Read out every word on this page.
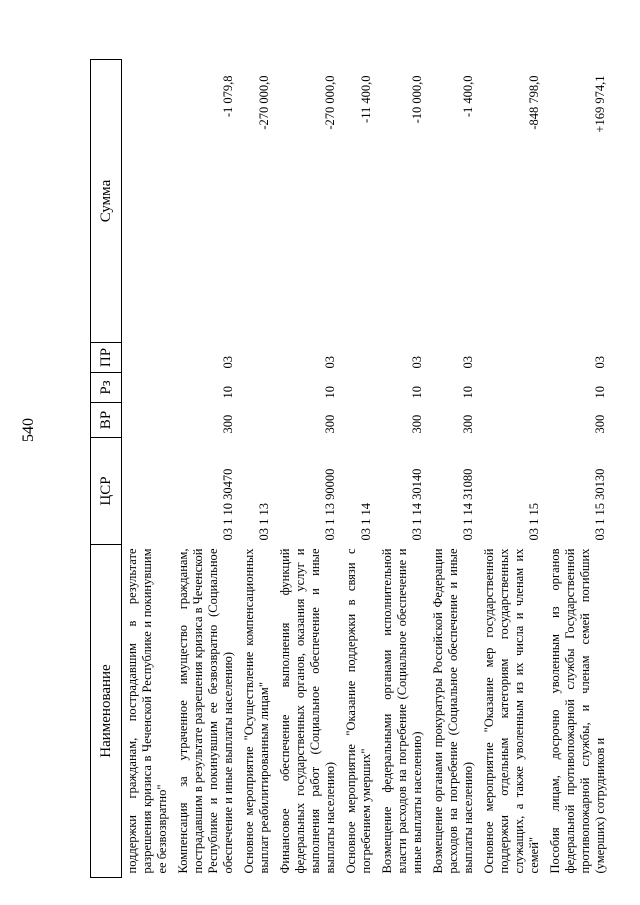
540
Наименование	ЦСР	ВР	Рз	ПР	Сумма
поддержки гражданам, пострадавшим в результате разрешения кризиса в Чеченской Республике и покинувшим ее безвозвратно"					
Компенсация за утраченное имущество гражданам, пострадавшим в результате разрешения кризиса в Чеченской Республике и покинувшим ее безвозвратно (Социальное обеспечение и иные выплаты населению)	03 1 10 30470	300	10	03	-1 079,8
Основное мероприятие "Осуществление компенсационных выплат реабилитированным лицам"	03 1 13				-270 000,0
Финансовое обеспечение выполнения функций федеральных государственных органов, оказания услуг и выполнения работ (Социальное обеспечение и иные выплаты населению)	03 1 13 90000	300	10	03	-270 000,0
Основное мероприятие "Оказание поддержки в связи с погребением умерших"	03 1 14				-11 400,0
Возмещение федеральными органами исполнительной власти расходов на погребение (Социальное обеспечение и иные выплаты населению)	03 1 14 30140	300	10	03	-10 000,0
Возмещение органами прокуратуры Российской Федерации расходов на погребение (Социальное обеспечение и иные выплаты населению)	03 1 14 31080	300	10	03	-1 400,0
Основное мероприятие "Оказание мер государственной поддержки отдельным категориям государственных служащих, а также уволенным из их числа и членам их семей"	03 1 15				-848 798,0
Пособия лицам, досрочно уволенным из органов федеральной противопожарной службы Государственной противопожарной службы, и членам семей погибших (умерших) сотрудников и	03 1 15 30130	300	10	03	+169 974,1
